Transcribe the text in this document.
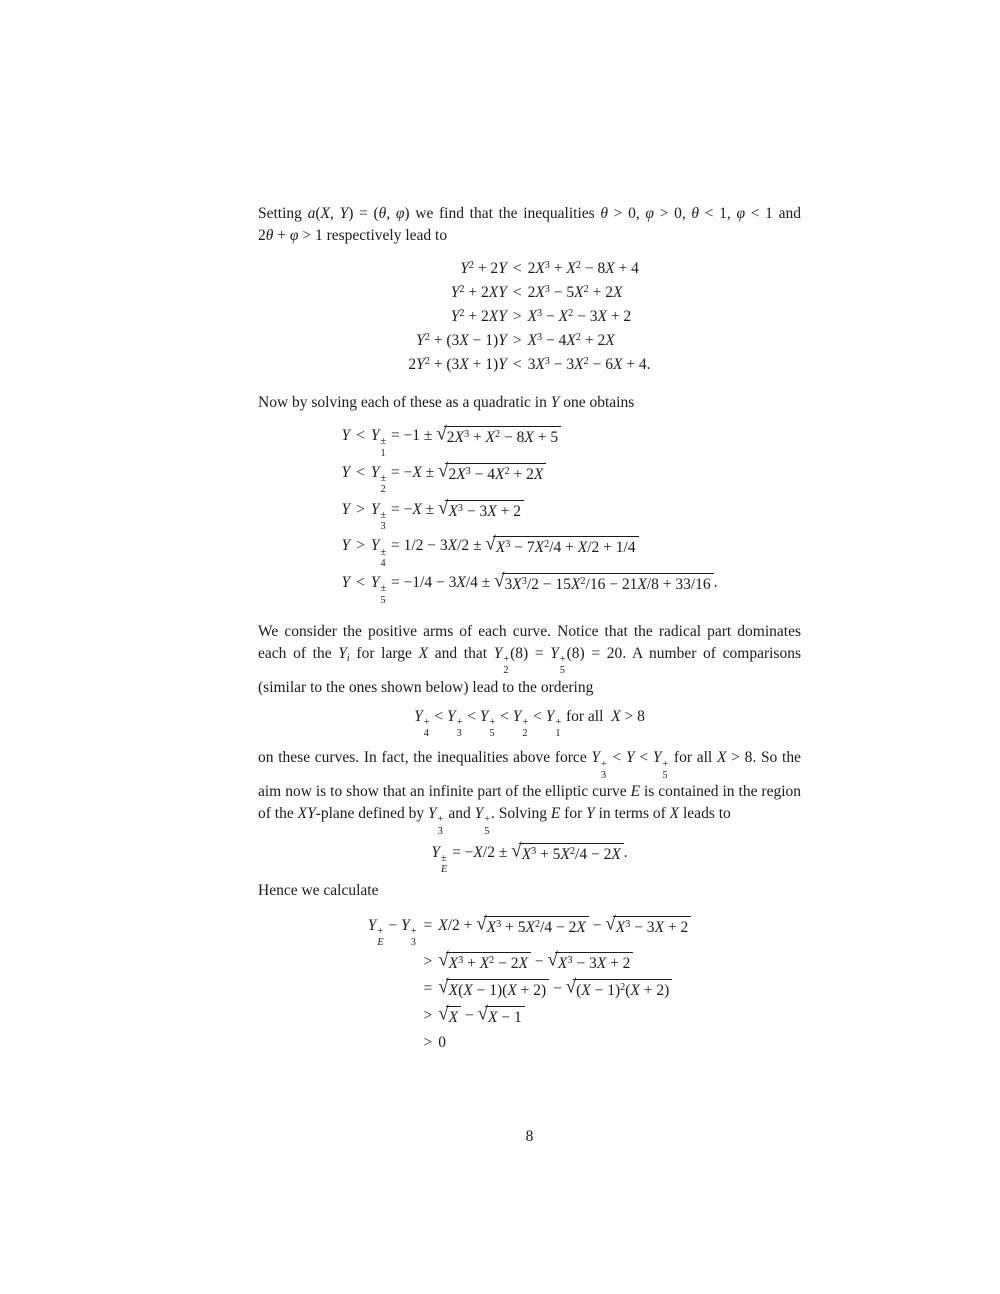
Setting a(X, Y) = (θ, φ) we find that the inequalities θ > 0, φ > 0, θ < 1, φ < 1 and 2θ + φ > 1 respectively lead to

$Y^2 + 2Y < 2X^3 + X^2 - 8X + 4$
$Y^2 + 2XY < 2X^3 - 5X^2 + 2X$
$Y^2 + 2XY > X^3 - X^2 - 3X + 2$
$Y^2 + (3X - 1)Y > X^3 - 4X^2 + 2X$
$2Y^2 + (3X + 1)Y < 3X^3 - 3X^2 - 6X + 4$.

Now by solving each of these as a quadratic in Y one obtains

Y < Y ±
1
= −1 ± √ $2X^3 + X^2 - 8X + 5$
Y < Y ±
2
= −X ± √ $2X^3 - 4X^2 + 2X$
Y > Y ±
3
= −X ± √ $X^3 - 3X + 2$
Y > Y ±
4
= 1/2 − 3X/2 ± √ $X^3 - 7X^2/4 + X/2 + 1/4$
Y < Y ±
5
= −1/4 − 3X/4 ± √ $3X^3/2 - 15X^2/16 - 21X/8 + 33/16$ .

We consider the positive arms of each curve. Notice that the radical part dominates each of the $Y_i$ for large X and that Y +
2
(8) = Y +
5
(8) = 20. A number of comparisons (similar to the ones shown below) lead to the ordering

Y +
4
< Y +
3
< Y +
5
< Y +
2
< Y +
1
for all  X > 8

on these curves. In fact, the inequalities above force Y +
3
< Y < Y +
5
for all X > 8. So the aim now is to show that an infinite part of the elliptic curve E is contained in the region of the XY-plane defined by Y +
3
and Y +
5
. Solving E for Y in terms of X leads to

Y ±
E
= −X/2 ± √ $X^3 + 5X^2/4 - 2X$ .

Hence we calculate

Y +
E
− Y +
3
= X/2 + √ $X^3 + 5X^2/4 - 2X$ − √ $X^3 - 3X + 2$
> √ $X^3 + X^2 - 2X$ − √ $X^3 - 3X + 2$
= √ X(X − 1)(X + 2) − √ $(X - 1)^2(X + 2)$
> √ X − √ X − 1
> 0
8
